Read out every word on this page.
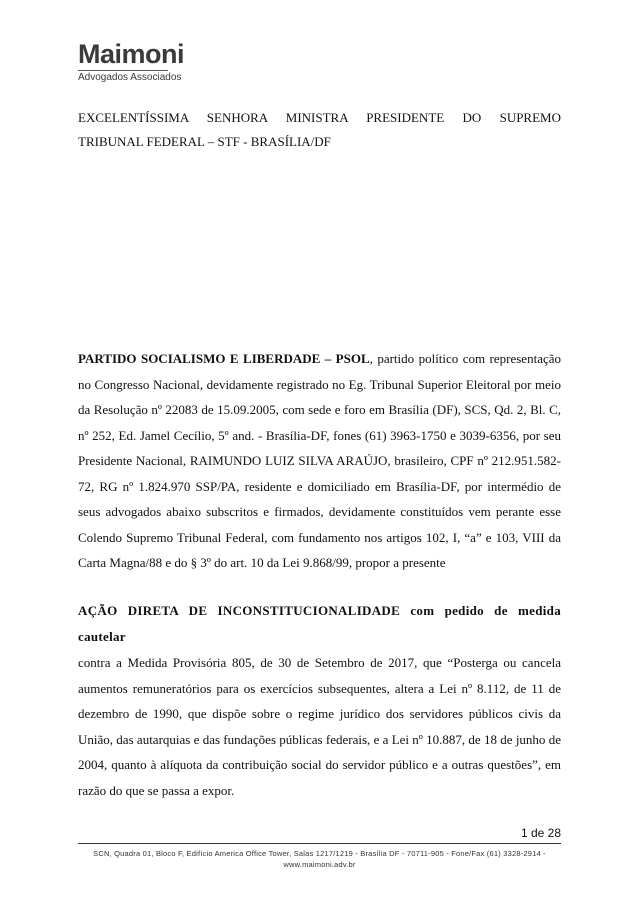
Maimoni
Advogados Associados
EXCELENTÍSSIMA SENHORA MINISTRA PRESIDENTE DO SUPREMO
TRIBUNAL FEDERAL – STF - BRASÍLIA/DF
PARTIDO SOCIALISMO E LIBERDADE – PSOL, partido político com representação no Congresso Nacional, devidamente registrado no Eg. Tribunal Superior Eleitoral por meio da Resolução nº 22083 de 15.09.2005, com sede e foro em Brasília (DF), SCS, Qd. 2, Bl. C, nº 252, Ed. Jamel Cecílio, 5º and. - Brasília-DF, fones (61) 3963-1750 e 3039-6356, por seu Presidente Nacional, RAIMUNDO LUIZ SILVA ARAÚJO, brasileiro, CPF nº 212.951.582-72, RG nº 1.824.970 SSP/PA, residente e domiciliado em Brasília-DF, por intermédio de seus advogados abaixo subscritos e firmados, devidamente constituídos vem perante esse Colendo Supremo Tribunal Federal, com fundamento nos artigos 102, I, “a” e 103, VIII da Carta Magna/88 e do § 3º do art. 10 da Lei 9.868/99, propor a presente
AÇÃO DIRETA DE INCONSTITUCIONALIDADE com pedido de medida cautelar
contra a Medida Provisória 805, de 30 de Setembro de 2017, que “Posterga ou cancela aumentos remuneratórios para os exercícios subsequentes, altera a Lei nº 8.112, de 11 de dezembro de 1990, que dispõe sobre o regime jurídico dos servidores públicos civis da União, das autarquias e das fundações públicas federais, e a Lei nº 10.887, de 18 de junho de 2004, quanto à alíquota da contribuição social do servidor público e a outras questões”, em razão do que se passa a expor.
1 de 28
SCN, Quadra 01, Bloco F, Edifício America Office Tower, Salas 1217/1219 - Brasília DF - 70711-905 - Fone/Fax (61) 3328-2914 -
www.maimoni.adv.br
